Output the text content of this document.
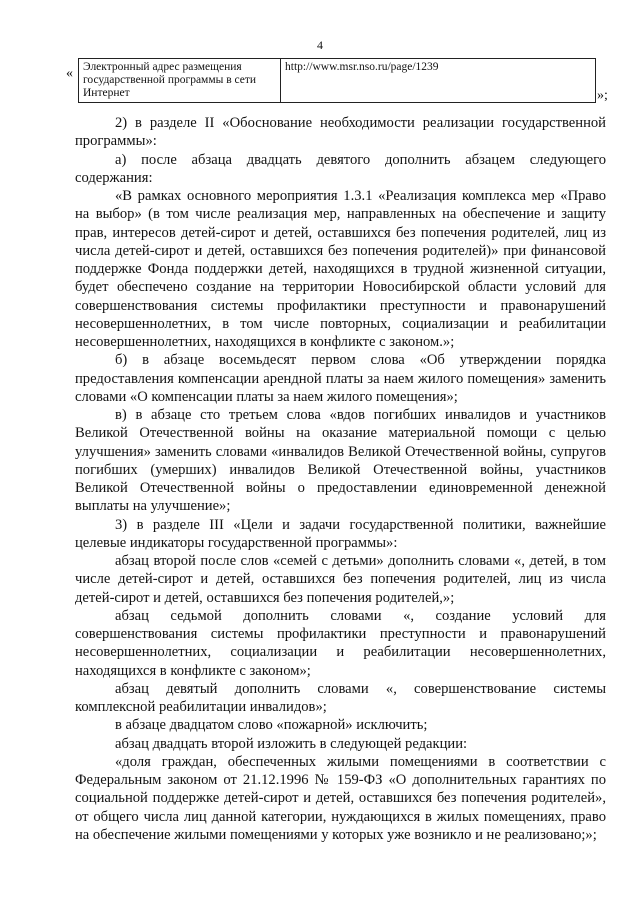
4
« Электронный адрес размещения государственной программы в сети Интернет	http://www.msr.nso.ru/page/1239
»;

2) в разделе II «Обоснование необходимости реализации государственной программы»:

а) после абзаца двадцать девятого дополнить абзацем следующего содержания:

«В рамках основного мероприятия 1.3.1 «Реализация комплекса мер «Право на выбор» (в том числе реализация мер, направленных на обеспечение и защиту прав, интересов детей-сирот и детей, оставшихся без попечения родителей, лиц из числа детей-сирот и детей, оставшихся без попечения родителей)» при финансовой поддержке Фонда поддержки детей, находящихся в трудной жизненной ситуации, будет обеспечено создание на территории Новосибирской области условий для совершенствования системы профилактики преступности и правонарушений несовершеннолетних, в том числе повторных, социализации и реабилитации несовершеннолетних, находящихся в конфликте с законом.»;

б) в абзаце восемьдесят первом слова «Об утверждении порядка предоставления компенсации арендной платы за наем жилого помещения» заменить словами «О компенсации платы за наем жилого помещения»;

в) в абзаце сто третьем слова «вдов погибших инвалидов и участников Великой Отечественной войны на оказание материальной помощи с целью улучшения» заменить словами «инвалидов Великой Отечественной войны, супругов погибших (умерших) инвалидов Великой Отечественной войны, участников Великой Отечественной войны о предоставлении единовременной денежной выплаты на улучшение»;

3) в разделе III «Цели и задачи государственной политики, важнейшие целевые индикаторы государственной программы»:

абзац второй после слов «семей с детьми» дополнить словами «, детей, в том числе детей-сирот и детей, оставшихся без попечения родителей, лиц из числа детей-сирот и детей, оставшихся без попечения родителей,»;

абзац седьмой дополнить словами «, создание условий для совершенствования системы профилактики преступности и правонарушений несовершеннолетних, социализации и реабилитации несовершеннолетних, находящихся в конфликте с законом»;

абзац девятый дополнить словами «, совершенствование системы комплексной реабилитации инвалидов»;

в абзаце двадцатом слово «пожарной» исключить;

абзац двадцать второй изложить в следующей редакции:

«доля граждан, обеспеченных жилыми помещениями в соответствии с Федеральным законом от 21.12.1996 № 159-ФЗ «О дополнительных гарантиях по социальной поддержке детей-сирот и детей, оставшихся без попечения родителей», от общего числа лиц данной категории, нуждающихся в жилых помещениях, право на обеспечение жилыми помещениями у которых уже возникло и не реализовано;»;
